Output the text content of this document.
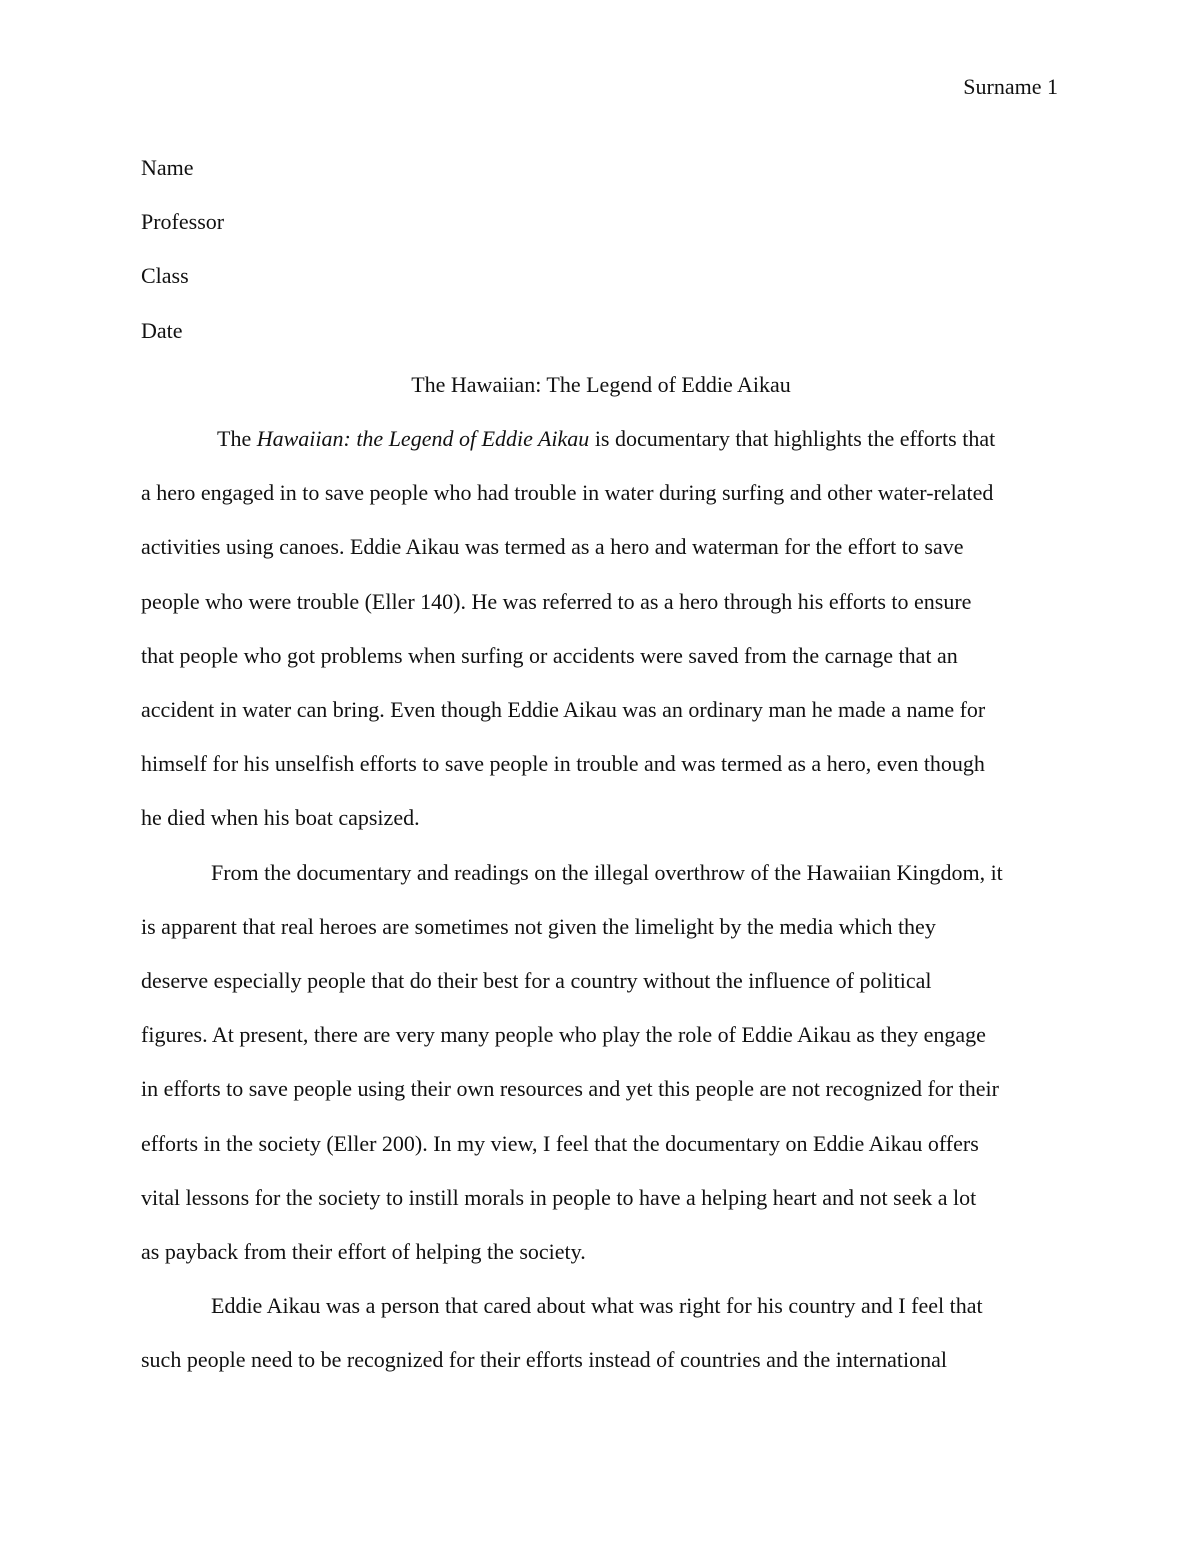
Surname 1
Name
Professor
Class
Date
The Hawaiian: The Legend of Eddie Aikau
The Hawaiian: the Legend of Eddie Aikau is documentary that highlights the efforts that
a hero engaged in to save people who had trouble in water during surfing and other water-related
activities using canoes. Eddie Aikau was termed as a hero and waterman for the effort to save
people who were trouble (Eller 140). He was referred to as a hero through his efforts to ensure
that people who got problems when surfing or accidents were saved from the carnage that an
accident in water can bring. Even though Eddie Aikau was an ordinary man he made a name for
himself for his unselfish efforts to save people in trouble and was termed as a hero, even though
he died when his boat capsized.
From the documentary and readings on the illegal overthrow of the Hawaiian Kingdom, it
is apparent that real heroes are sometimes not given the limelight by the media which they
deserve especially people that do their best for a country without the influence of political
figures. At present, there are very many people who play the role of Eddie Aikau as they engage
in efforts to save people using their own resources and yet this people are not recognized for their
efforts in the society (Eller 200). In my view, I feel that the documentary on Eddie Aikau offers
vital lessons for the society to instill morals in people to have a helping heart and not seek a lot
as payback from their effort of helping the society.
Eddie Aikau was a person that cared about what was right for his country and I feel that
such people need to be recognized for their efforts instead of countries and the international
